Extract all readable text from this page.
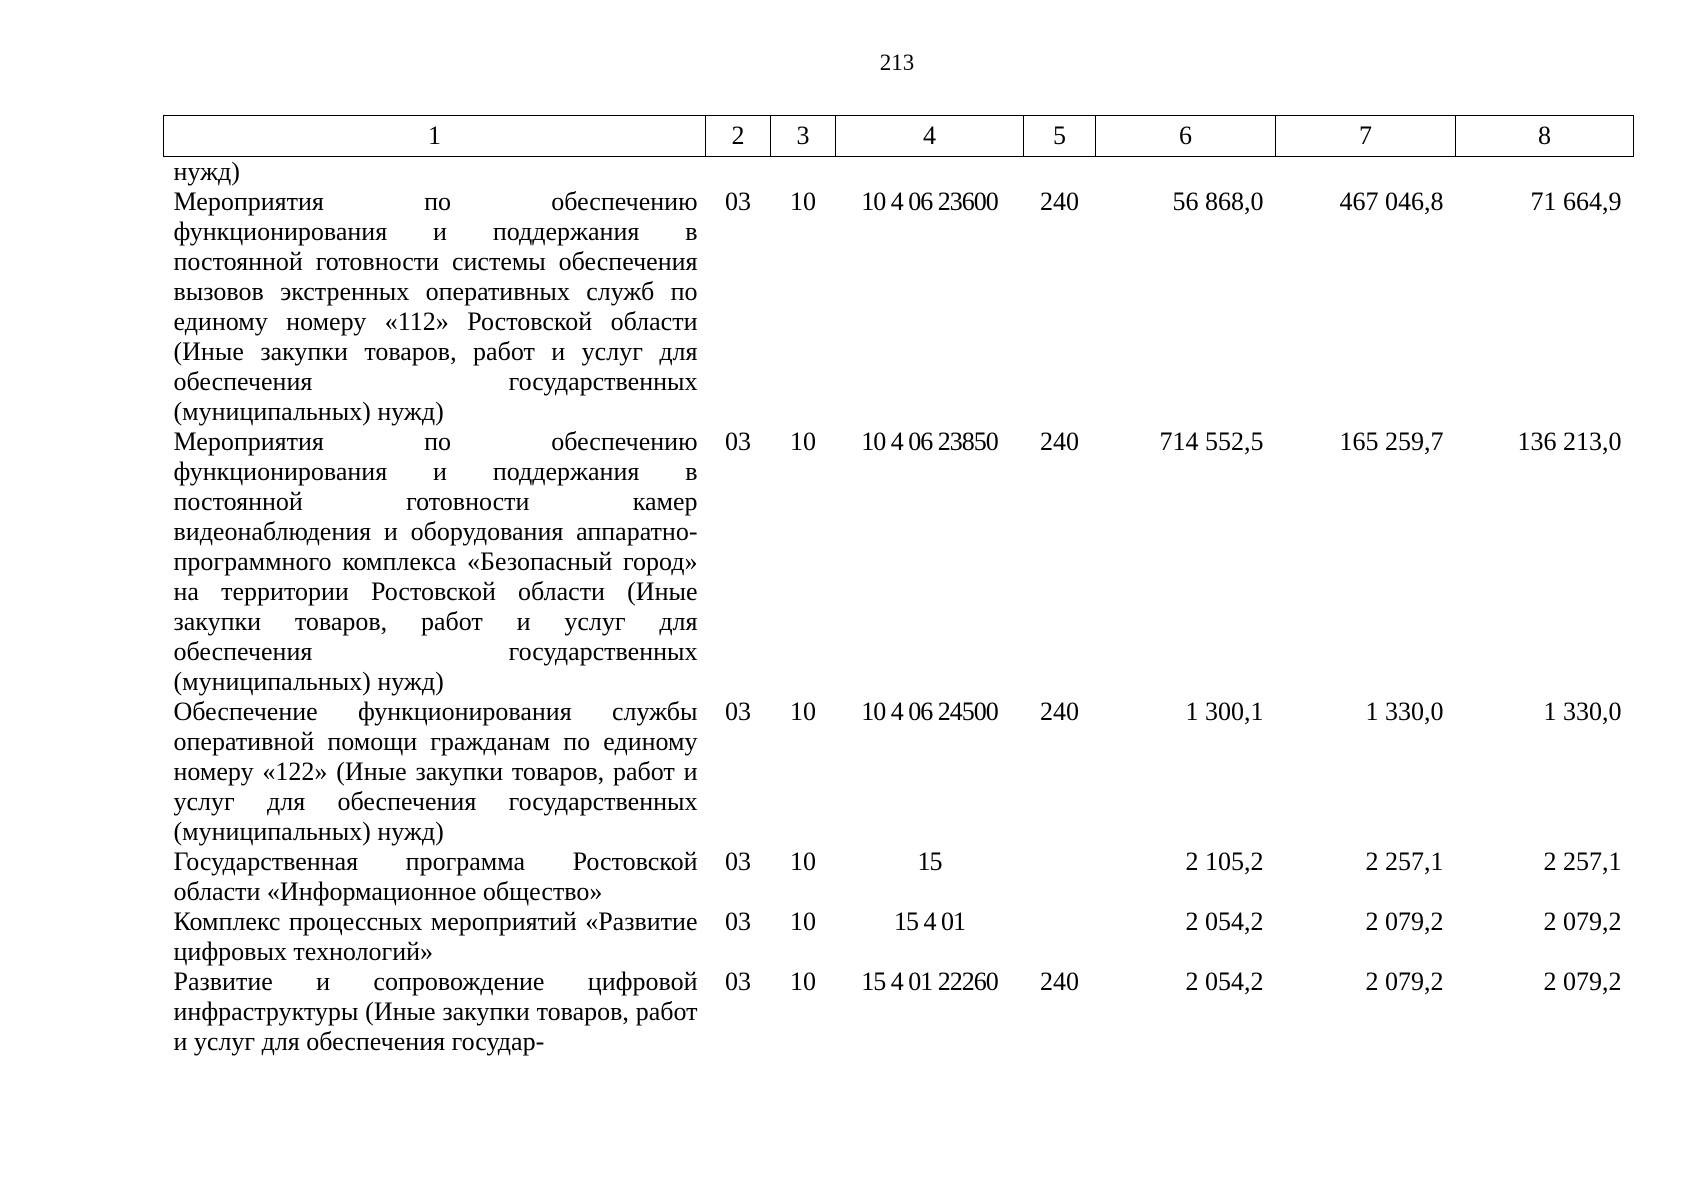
213
1	2	3	4	5	6	7	8
нужд)							
Мероприятия по обеспечению функционирования и поддержания в постоянной готовности системы обеспечения вызовов экстренных оперативных служб по единому номеру «112» Ростовской области (Иные закупки товаров, работ и услуг для обеспечения государственных (муниципальных) нужд)	03	10	10 4 06 23600	240	56 868,0	467 046,8	71 664,9
Мероприятия по обеспечению функционирования и поддержания в постоянной готовности камер видеонаблюдения и оборудования аппаратно-программного комплекса «Безопасный город» на территории Ростовской области (Иные закупки товаров, работ и услуг для обеспечения государственных (муниципальных) нужд)	03	10	10 4 06 23850	240	714 552,5	165 259,7	136 213,0
Обеспечение функционирования службы оперативной помощи гражданам по единому номеру «122» (Иные закупки товаров, работ и услуг для обеспечения государственных (муниципальных) нужд)	03	10	10 4 06 24500	240	1 300,1	1 330,0	1 330,0
Государственная программа Ростовской области «Информационное общество»	03	10	15		2 105,2	2 257,1	2 257,1
Комплекс процессных мероприятий «Развитие цифровых технологий»	03	10	15 4 01		2 054,2	2 079,2	2 079,2
Развитие и сопровождение цифровой инфраструктуры (Иные закупки товаров, работ и услуг для обеспечения государ-	03	10	15 4 01 22260	240	2 054,2	2 079,2	2 079,2
